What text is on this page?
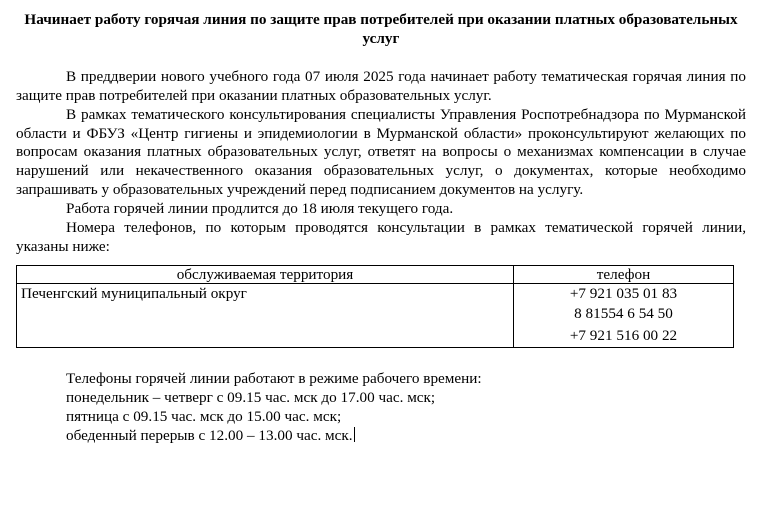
Начинает работу горячая линия по защите прав потребителей при оказании платных образовательных услуг

В преддверии нового учебного года 07 июля 2025 года начинает работу тематическая горячая линия по защите прав потребителей при оказании платных образовательных услуг.

В рамках тематического консультирования специалисты Управления Роспотребнадзора по Мурманской области и ФБУЗ «Центр гигиены и эпидемиологии в Мурманской области» проконсультируют желающих по вопросам оказания платных образовательных услуг, ответят на вопросы о механизмах компенсации в случае нарушений или некачественного оказания образовательных услуг, о документах, которые необходимо запрашивать у образовательных учреждений перед подписанием документов на услугу.

Работа горячей линии продлится до 18 июля текущего года.

Номера телефонов, по которым проводятся консультации в рамках тематической горячей линии, указаны ниже:

обслуживаемая территория	телефон
Печенгский муниципальный округ	+7 921 035 01 83
8 81554 6 54 50
+7 921 516 00 22
Телефоны горячей линии работают в режиме рабочего времени:
понедельник – четверг с 09.15 час. мск до 17.00 час. мск;
пятница с 09.15 час. мск до 15.00 час. мск;
обеденный перерыв с 12.00 – 13.00 час. мск.
